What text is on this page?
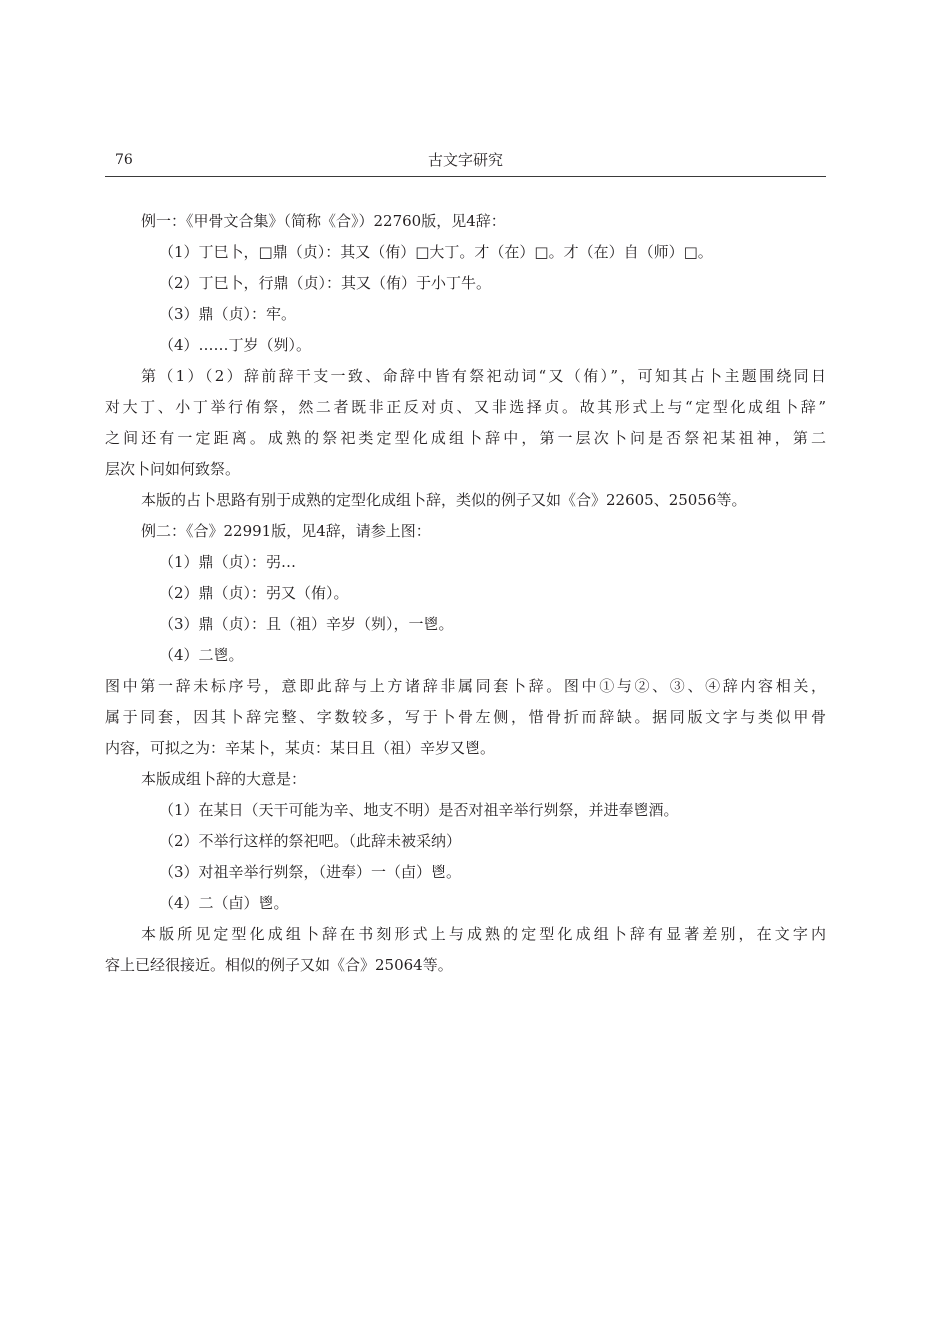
76	古文字研究
例一：《甲骨文合集》（简称《合》）22760版，见4辞：
（1）丁巳卜，□鼎（贞）：其又（侑）□大丁。才（在）□。才（在）自（师）□。
（2）丁巳卜，行鼎（贞）：其又（侑）于小丁牛。
（3）鼎（贞）：牢。
（4）……丁岁（刿）。
第（1）（2）辞前辞干支一致、命辞中皆有祭祀动词“又（侑）”，可知其占卜主题围绕同日
对大丁、小丁举行侑祭，然二者既非正反对贞、又非选择贞。故其形式上与“定型化成组卜辞”
之间还有一定距离。成熟的祭祀类定型化成组卜辞中，第一层次卜问是否祭祀某祖神，第二
层次卜问如何致祭。
本版的占卜思路有别于成熟的定型化成组卜辞，类似的例子又如《合》22605、25056等。
例二：《合》22991版，见4辞，请参上图：
（1）鼎（贞）：弜…
（2）鼎（贞）：弜又（侑）。
（3）鼎（贞）：且（祖）辛岁（刿），一鬯。
（4）二鬯。
图中第一辞未标序号，意即此辞与上方诸辞非属同套卜辞。图中①与②、③、④辞内容相关，
属于同套，因其卜辞完整、字数较多，写于卜骨左侧，惜骨折而辞缺。据同版文字与类似甲骨
内容，可拟之为：辛某卜，某贞：某日且（祖）辛岁又鬯。
本版成组卜辞的大意是：
（1）在某日（天干可能为辛、地支不明）是否对祖辛举行刿祭，并进奉鬯酒。
（2）不举行这样的祭祀吧。（此辞未被采纳）
（3）对祖辛举行刿祭，（进奉）一（卣）鬯。
（4）二（卣）鬯。
本版所见定型化成组卜辞在书刻形式上与成熟的定型化成组卜辞有显著差别，在文字内
容上已经很接近。相似的例子又如《合》25064等。
